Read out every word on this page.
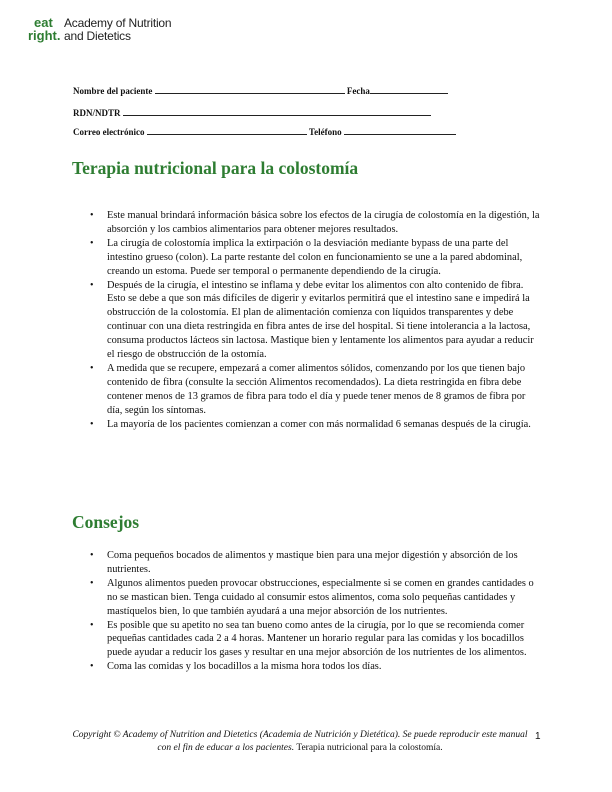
eat
right.
Academy of Nutrition
and Dietetics
Nombre del paciente	Fecha
RDN/NDTR
Correo electrónico	Teléfono
Terapia nutricional para la colostomía
• Este manual brindará información básica sobre los efectos de la cirugía de colostomía en la digestión, la absorción y los cambios alimentarios para obtener mejores resultados.
• La cirugía de colostomía implica la extirpación o la desviación mediante bypass de una parte del intestino grueso (colon). La parte restante del colon en funcionamiento se une a la pared abdominal, creando un estoma. Puede ser temporal o permanente dependiendo de la cirugía.
• Después de la cirugía, el intestino se inflama y debe evitar los alimentos con alto contenido de fibra. Esto se debe a que son más difíciles de digerir y evitarlos permitirá que el intestino sane e impedirá la obstrucción de la colostomía. El plan de alimentación comienza con líquidos transparentes y debe continuar con una dieta restringida en fibra antes de irse del hospital. Si tiene intolerancia a la lactosa, consuma productos lácteos sin lactosa. Mastique bien y lentamente los alimentos para ayudar a reducir el riesgo de obstrucción de la ostomía.
• A medida que se recupere, empezará a comer alimentos sólidos, comenzando por los que tienen bajo contenido de fibra (consulte la sección Alimentos recomendados). La dieta restringida en fibra debe contener menos de 13 gramos de fibra para todo el día y puede tener menos de 8 gramos de fibra por día, según los síntomas.
• La mayoría de los pacientes comienzan a comer con más normalidad 6 semanas después de la cirugía.
Consejos
• Coma pequeños bocados de alimentos y mastique bien para una mejor digestión y absorción de los nutrientes.
• Algunos alimentos pueden provocar obstrucciones, especialmente si se comen en grandes cantidades o no se mastican bien. Tenga cuidado al consumir estos alimentos, coma solo pequeñas cantidades y mastíquelos bien, lo que también ayudará a una mejor absorción de los nutrientes.
• Es posible que su apetito no sea tan bueno como antes de la cirugía, por lo que se recomienda comer pequeñas cantidades cada 2 a 4 horas. Mantener un horario regular para las comidas y los bocadillos puede ayudar a reducir los gases y resultar en una mejor absorción de los nutrientes de los alimentos.
• Coma las comidas y los bocadillos a la misma hora todos los días.
Copyright © Academy of Nutrition and Dietetics (Academia de Nutrición y Dietética). Se puede reproducir este manual con el fin de educar a los pacientes. Terapia nutricional para la colostomía.
1
